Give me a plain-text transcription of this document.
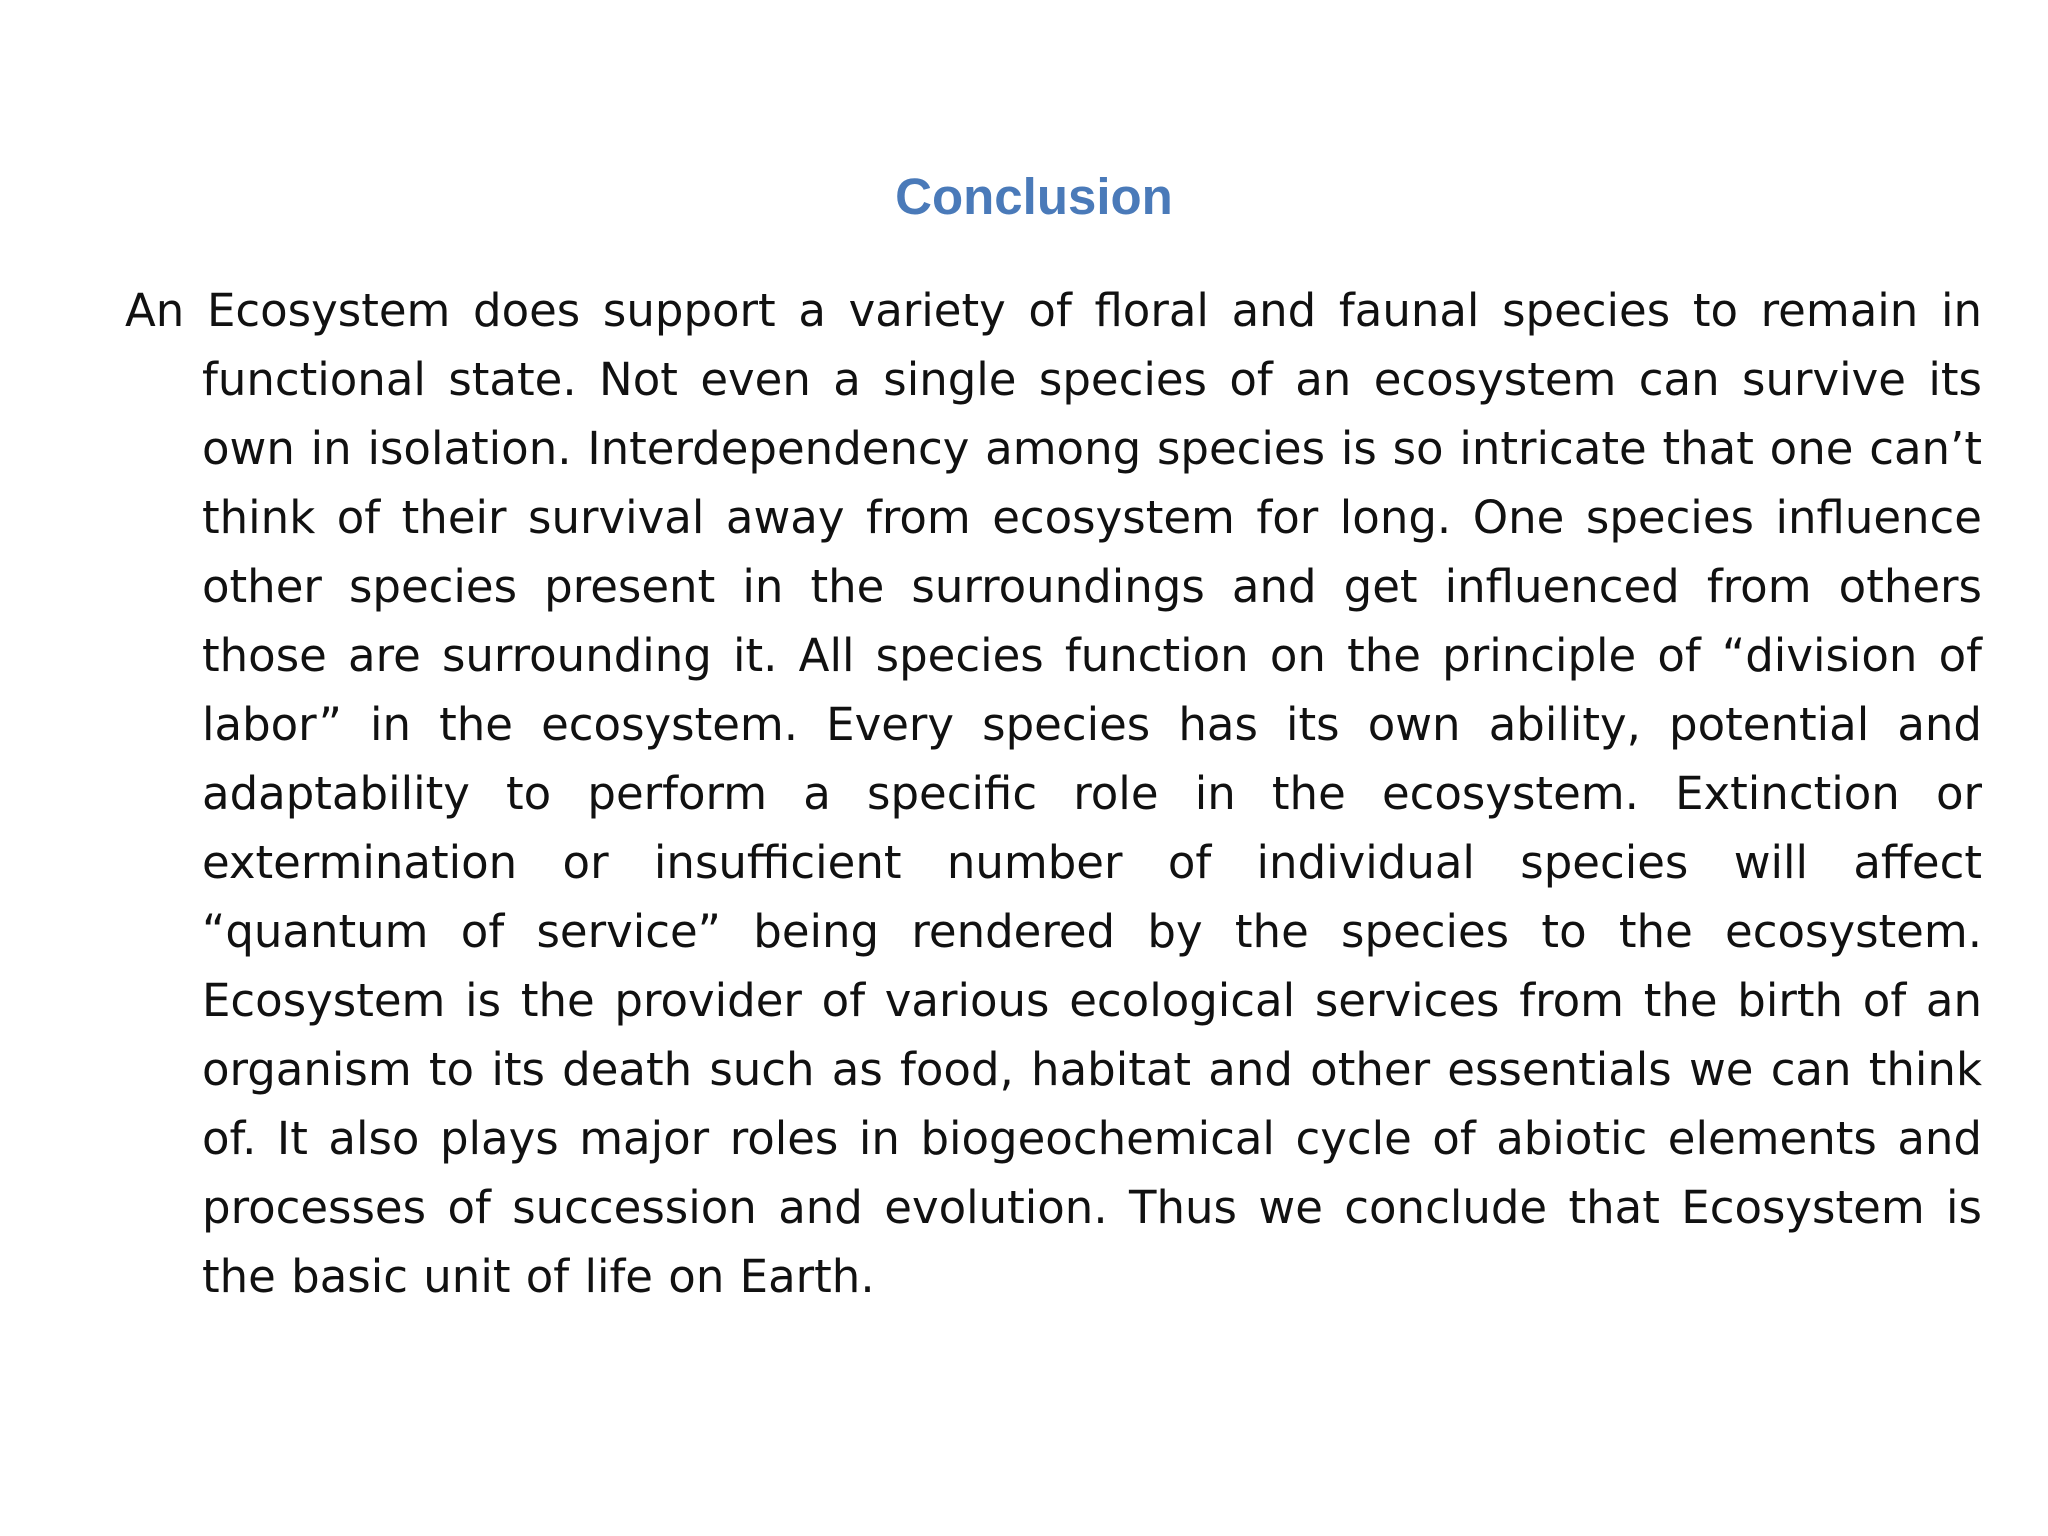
Conclusion

An Ecosystem does support a variety of floral and faunal species to remain in functional state. Not even a single species of an ecosystem can survive its own in isolation. Interdependency among species is so intricate that one can’t think of their survival away from ecosystem for long. One species influence other species present in the surroundings and get influenced from others those are surrounding it. All species function on the principle of “division of labor” in the ecosystem. Every species has its own ability, potential and adaptability to perform a specific role in the ecosystem. Extinction or extermination or insufficient number of individual species will affect “quantum of service” being rendered by the species to the ecosystem. Ecosystem is the provider of various ecological services from the birth of an organism to its death such as food, habitat and other essentials we can think of. It also plays major roles in biogeochemical cycle of abiotic elements and processes of succession and evolution. Thus we conclude that Ecosystem is the basic unit of life on Earth.
